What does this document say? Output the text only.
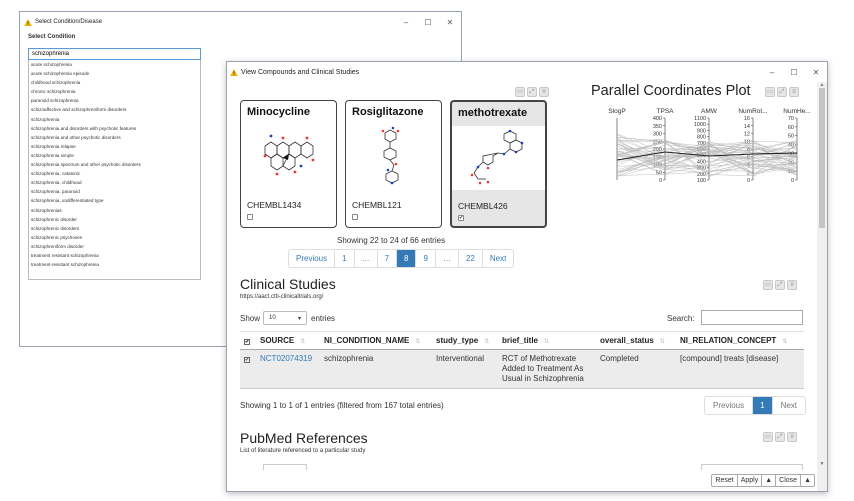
Select Condition/Disease	–	☐	✕
Select Condition
schizophrenia
acute schizophrenia
acute schizophrenia episode
childhood schizophrenia
chronic schizophrenia
paranoid schizophrenia
schizoaffective and schizophreniform disorders
schizophrenia
schizophrenia and disorders with psychotic features
schizophrenia and other psychotic disorders
schizophrenia relapse
schizophrenia simple
schizophrenia spectrum and other psychotic disorders
schizophrenia, catatonic
schizophrenia, childhood
schizophrenia, paranoid
schizophrenia, undifferentiated type
schizophrenias
schizophrenic disorder
schizophrenic disorders
schizophrenic psychoses
schizophreniform disorder
treatment resistant schizophrenia
treatment-resistant schizophrenia
View Compounds and Clinical Studies	–	☐	✕
▭	⤢	≡
Minocycline
CHEMBL1434
Rosiglitazone
CHEMBL121
methotrexate
CHEMBL426
✔
Showing 22 to 24 of 66 entries
Previous	1	…	7	8	9	…	22	Next
Parallel Coordinates Plot	▭	⤢	≡
SlogP	TPSA
400
350
300
250
200
150
100
50
0
AMW
1100
1000
900
800
700
600
500
400
300
200
100
NumRot...
16
14
12
10
8
6
4
2
0
NumHe...
70
60
50
40
30
20
10
0
Clinical Studies
https://aact.ctti-clinicaltrials.org/
▭	⤢	≡
Show	10	▾ entries	Search:
✔	SOURCE ⇅	NI_CONDITION_NAME ⇅	study_type ⇅	brief_title ⇅	overall_status ⇅	NI_RELATION_CONCEPT ⇅
✔	NCT02074319	schizophrenia	Interventional	RCT of Methotrexate Added to Treatment As Usual in Schizophrenia	Completed	[compound] treats [disease]
Showing 1 to 1 of 1 entries (filtered from 167 total entries)	Previous	1	Next
PubMed References
List of literature referenced to a particular study
▭	⤢	≡
Reset	Apply	▲	Close	▲
▲
▼
